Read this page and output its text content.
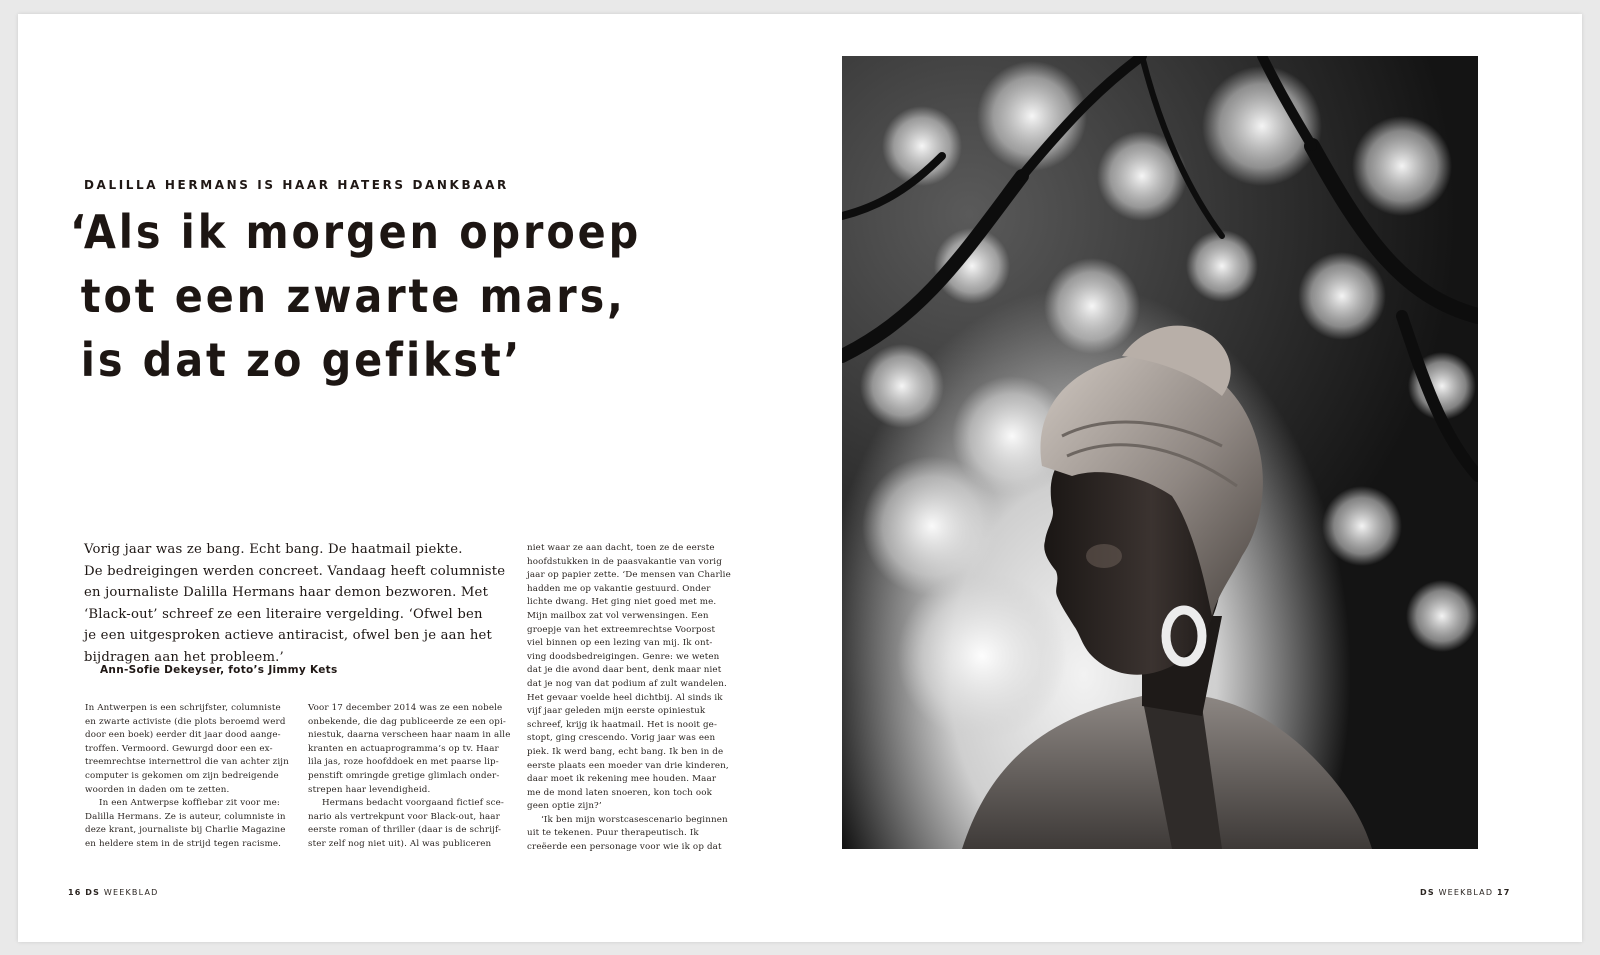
DALILLA HERMANS IS HAAR HATERS DANKBAAR
‘Als ik morgen oproep
tot een zwarte mars,
is dat zo gefikst’
Vorig jaar was ze bang. Echt bang. De haatmail piekte.
De bedreigingen werden concreet. Vandaag heeft columniste
en journaliste Dalilla Hermans haar demon bezworen. Met
‘Black-out’ schreef ze een literaire vergelding. ‘Ofwel ben
je een uitgesproken actieve antiracist, ofwel ben je aan het
bijdragen aan het probleem.’
Ann-Sofie Dekeyser, foto’s Jimmy Kets
In Antwerpen is een schrijfster, columniste
en zwarte activiste (die plots beroemd werd
door een boek) eerder dit jaar dood aange-
troffen. Vermoord. Gewurgd door een ex-
treemrechtse internettrol die van achter zijn
computer is gekomen om zijn bedreigende
woorden in daden om te zetten.
In een Antwerpse koffiebar zit voor me:
Dalilla Hermans. Ze is auteur, columniste in
deze krant, journaliste bij Charlie Magazine
en heldere stem in de strijd tegen racisme.
Voor 17 december 2014 was ze een nobele
onbekende, die dag publiceerde ze een opi-
niestuk, daarna verscheen haar naam in alle
kranten en actuaprogramma’s op tv. Haar
lila jas, roze hoofddoek en met paarse lip-
penstift omringde gretige glimlach onder-
strepen haar levendigheid.
Hermans bedacht voorgaand fictief sce-
nario als vertrekpunt voor Black-out, haar
eerste roman of thriller (daar is de schrijf-
ster zelf nog niet uit). Al was publiceren
niet waar ze aan dacht, toen ze de eerste
hoofdstukken in de paasvakantie van vorig
jaar op papier zette. ‘De mensen van Charlie
hadden me op vakantie gestuurd. Onder
lichte dwang. Het ging niet goed met me.
Mijn mailbox zat vol verwensingen. Een
groepje van het extreemrechtse Voorpost
viel binnen op een lezing van mij. Ik ont-
ving doodsbedreigingen. Genre: we weten
dat je die avond daar bent, denk maar niet
dat je nog van dat podium af zult wandelen.
Het gevaar voelde heel dichtbij. Al sinds ik
vijf jaar geleden mijn eerste opiniestuk
schreef, krijg ik haatmail. Het is nooit ge-
stopt, ging crescendo. Vorig jaar was een
piek. Ik werd bang, echt bang. Ik ben in de
eerste plaats een moeder van drie kinderen,
daar moet ik rekening mee houden. Maar
me de mond laten snoeren, kon toch ook
geen optie zijn?’
‘Ik ben mijn worstcasescenario beginnen
uit te tekenen. Puur therapeutisch. Ik
creëerde een personage voor wie ik op dat
16 DS WEEKBLAD	DS WEEKBLAD 17
